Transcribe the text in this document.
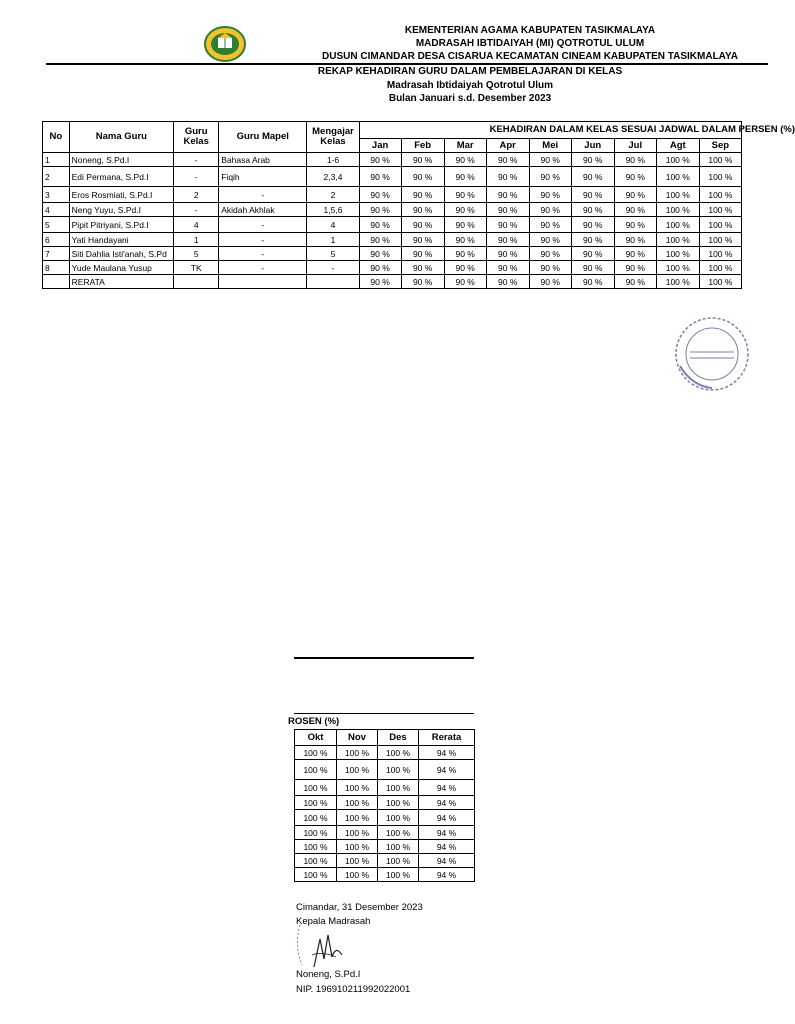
KEMENTERIAN AGAMA KABUPATEN TASIKMALAYA
MADRASAH IBTIDAIYAH (MI) QOTROTUL ULUM
DUSUN CIMANDAR DESA CISARUA KECAMATAN CINEAM KABUPATEN TASIKMALAYA
REKAP KEHADIRAN GURU DALAM PEMBELAJARAN DI KELAS
Madrasah Ibtidaiyah Qotrotul Ulum
Bulan Januari s.d. Desember 2023
No	Nama Guru	Guru Kelas	Guru Mapel	Mengajar Kelas	KEHADIRAN DALAM KELAS SESUAI JADWAL DALAM PERSEN (%)								
					Jan	Feb	Mar	Apr	Mei	Jun	Jul	Agt	Sep
1	Noneng, S.Pd.I	-	Bahasa Arab	1-6	90 %	90 %	90 %	90 %	90 %	90 %	90 %	100 %	100 %
2	Edi Permana, S.Pd.I	-	Fiqih	2,3,4	90 %	90 %	90 %	90 %	90 %	90 %	90 %	100 %	100 %
3	Eros Rosmiati, S.Pd.I	2	-	2	90 %	90 %	90 %	90 %	90 %	90 %	90 %	100 %	100 %
4	Neng Yuyu, S.Pd.I	-	Akidah Akhlak	1,5,6	90 %	90 %	90 %	90 %	90 %	90 %	90 %	100 %	100 %
5	Pipit Pitriyani, S.Pd.I	4	-	4	90 %	90 %	90 %	90 %	90 %	90 %	90 %	100 %	100 %
6	Yati Handayani	1	-	1	90 %	90 %	90 %	90 %	90 %	90 %	90 %	100 %	100 %
7	Siti Dahlia Isti'anah, S.Pd	5	-	5	90 %	90 %	90 %	90 %	90 %	90 %	90 %	100 %	100 %
8	Yude Maulana Yusup	TK	-	-	90 %	90 %	90 %	90 %	90 %	90 %	90 %	100 %	100 %
	RERATA				90 %	90 %	90 %	90 %	90 %	90 %	90 %	100 %	100 %
ROSEN (%)
Okt	Nov	Des	Rerata
100 %	100 %	100 %	94 %
100 %	100 %	100 %	94 %
100 %	100 %	100 %	94 %
100 %	100 %	100 %	94 %
100 %	100 %	100 %	94 %
100 %	100 %	100 %	94 %
100 %	100 %	100 %	94 %
100 %	100 %	100 %	94 %
100 %	100 %	100 %	94 %
Cimandar, 31 Desember 2023
Kepala Madrasah
Noneng, S.Pd.I
NIP. 196910211992022001
